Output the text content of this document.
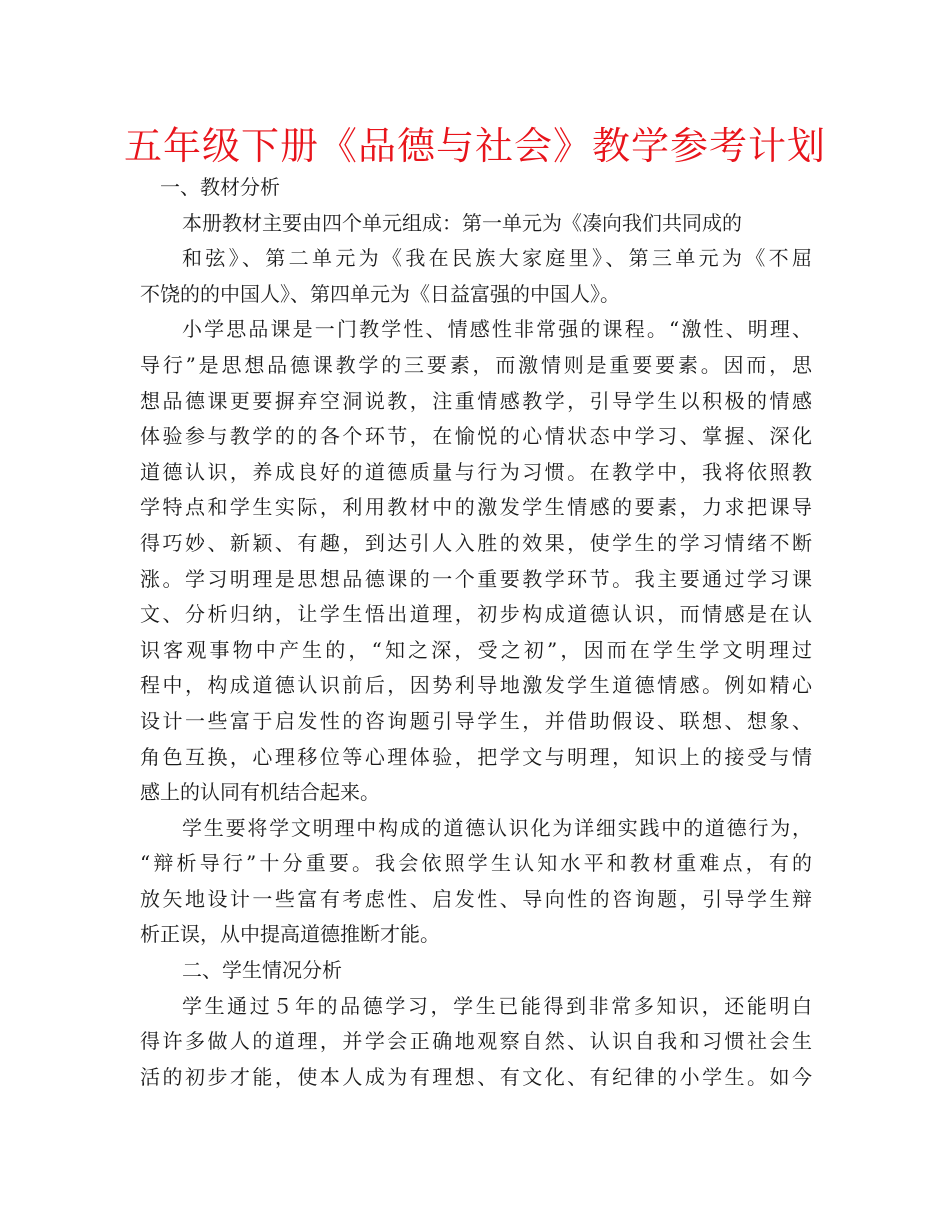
五年级下册《品德与社会》教学参考计划
一、教材分析
本册教材主要由四个单元组成：第一单元为《凑向我们共同成的
和弦》、第二单元为《我在民族大家庭里》、第三单元为《不屈
不饶的的中国人》、第四单元为《日益富强的中国人》。
小学思品课是一门教学性、情感性非常强的课程。“激性、明理、
导行”是思想品德课教学的三要素，而激情则是重要要素。因而，思
想品德课更要摒弃空洞说教，注重情感教学，引导学生以积极的情感
体验参与教学的的各个环节，在愉悦的心情状态中学习、掌握、深化
道德认识，养成良好的道德质量与行为习惯。在教学中，我将依照教
学特点和学生实际，利用教材中的激发学生情感的要素，力求把课导
得巧妙、新颖、有趣，到达引人入胜的效果，使学生的学习情绪不断
涨。学习明理是思想品德课的一个重要教学环节。我主要通过学习课
文、分析归纳，让学生悟出道理，初步构成道德认识，而情感是在认
识客观事物中产生的，“知之深，受之初”，因而在学生学文明理过
程中，构成道德认识前后，因势利导地激发学生道德情感。例如精心
设计一些富于启发性的咨询题引导学生，并借助假设、联想、想象、
角色互换，心理移位等心理体验，把学文与明理，知识上的接受与情
感上的认同有机结合起来。
学生要将学文明理中构成的道德认识化为详细实践中的道德行为，
“辩析导行”十分重要。我会依照学生认知水平和教材重难点，有的
放矢地设计一些富有考虑性、启发性、导向性的咨询题，引导学生辩
析正误，从中提高道德推断才能。
二、学生情况分析
学生通过５年的品德学习，学生已能得到非常多知识，还能明白
得许多做人的道理，并学会正确地观察自然、认识自我和习惯社会生
活的初步才能，使本人成为有理想、有文化、有纪律的小学生。如今
